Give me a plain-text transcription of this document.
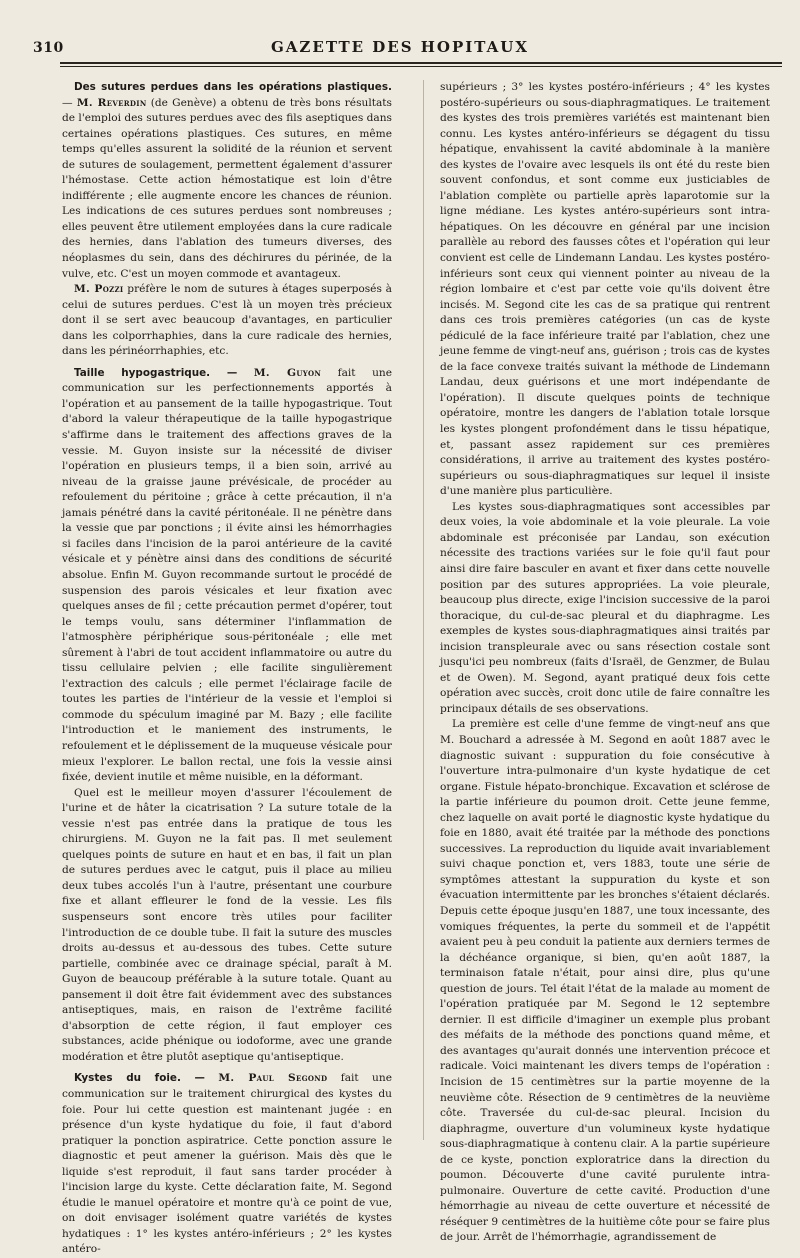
310	GAZETTE DES HOPITAUX

Des sutures perdues dans les opérations plastiques. — M. Reverdin (de Genève) a obtenu de très bons résultats de l'emploi des sutures perdues avec des fils aseptiques dans certaines opérations plastiques. Ces sutures, en même temps qu'elles assurent la solidité de la réunion et servent de sutures de soulagement, permettent également d'assurer l'hémostase. Cette action hémostatique est loin d'être indifférente ; elle augmente encore les chances de réunion. Les indications de ces sutures perdues sont nombreuses ; elles peuvent être utilement employées dans la cure radicale des hernies, dans l'ablation des tumeurs diverses, des néoplasmes du sein, dans des déchirures du périnée, de la vulve, etc. C'est un moyen commode et avantageux.

M. Pozzi préfère le nom de sutures à étages superposés à celui de sutures perdues. C'est là un moyen très précieux dont il se sert avec beaucoup d'avantages, en particulier dans les colporrhaphies, dans la cure radicale des hernies, dans les périnéorrhaphies, etc.

Taille hypogastrique. — M. Guyon fait une communication sur les perfectionnements apportés à l'opération et au pansement de la taille hypogastrique. Tout d'abord la valeur thérapeutique de la taille hypogastrique s'affirme dans le traitement des affections graves de la vessie. M. Guyon insiste sur la nécessité de diviser l'opération en plusieurs temps, il a bien soin, arrivé au niveau de la graisse jaune prévésicale, de procéder au refoulement du péritoine ; grâce à cette précaution, il n'a jamais pénétré dans la cavité péritonéale. Il ne pénètre dans la vessie que par ponctions ; il évite ainsi les hémorrhagies si faciles dans l'incision de la paroi antérieure de la cavité vésicale et y pénètre ainsi dans des conditions de sécurité absolue. Enfin M. Guyon recommande surtout le procédé de suspension des parois vésicales et leur fixation avec quelques anses de fil ; cette précaution permet d'opérer, tout le temps voulu, sans déterminer l'inflammation de l'atmosphère périphérique sous-péritonéale ; elle met sûrement à l'abri de tout accident inflammatoire ou autre du tissu cellulaire pelvien ; elle facilite singulièrement l'extraction des calculs ; elle permet l'éclairage facile de toutes les parties de l'intérieur de la vessie et l'emploi si commode du spéculum imaginé par M. Bazy ; elle facilite l'introduction et le maniement des instruments, le refoulement et le déplissement de la muqueuse vésicale pour mieux l'explorer. Le ballon rectal, une fois la vessie ainsi fixée, devient inutile et même nuisible, en la déformant.

Quel est le meilleur moyen d'assurer l'écoulement de l'urine et de hâter la cicatrisation ? La suture totale de la vessie n'est pas entrée dans la pratique de tous les chirurgiens. M. Guyon ne la fait pas. Il met seulement quelques points de suture en haut et en bas, il fait un plan de sutures perdues avec le catgut, puis il place au milieu deux tubes accolés l'un à l'autre, présentant une courbure fixe et allant effleurer le fond de la vessie. Les fils suspenseurs sont encore très utiles pour faciliter l'introduction de ce double tube. Il fait la suture des muscles droits au-dessus et au-dessous des tubes. Cette suture partielle, combinée avec ce drainage spécial, paraît à M. Guyon de beaucoup préférable à la suture totale. Quant au pansement il doit être fait évidemment avec des substances antiseptiques, mais, en raison de l'extrême facilité d'absorption de cette région, il faut employer ces substances, acide phénique ou iodoforme, avec une grande modération et être plutôt aseptique qu'antiseptique.

Kystes du foie. — M. Paul Segond fait une communication sur le traitement chirurgical des kystes du foie. Pour lui cette question est maintenant jugée : en présence d'un kyste hydatique du foie, il faut d'abord pratiquer la ponction aspiratrice. Cette ponction assure le diagnostic et peut amener la guérison. Mais dès que le liquide s'est reproduit, il faut sans tarder procéder à l'incision large du kyste. Cette déclaration faite, M. Segond étudie le manuel opératoire et montre qu'à ce point de vue, on doit envisager isolément quatre variétés de kystes hydatiques : 1° les kystes antéro-inférieurs ; 2° les kystes antéro-

supérieurs ; 3° les kystes postéro-inférieurs ; 4° les kystes postéro-supérieurs ou sous-diaphragmatiques. Le traitement des kystes des trois premières variétés est maintenant bien connu. Les kystes antéro-inférieurs se dégagent du tissu hépatique, envahissent la cavité abdominale à la manière des kystes de l'ovaire avec lesquels ils ont été du reste bien souvent confondus, et sont comme eux justiciables de l'ablation complète ou partielle après laparotomie sur la ligne médiane. Les kystes antéro-supérieurs sont intra-hépatiques. On les découvre en général par une incision parallèle au rebord des fausses côtes et l'opération qui leur convient est celle de Lindemann Landau. Les kystes postéro-inférieurs sont ceux qui viennent pointer au niveau de la région lombaire et c'est par cette voie qu'ils doivent être incisés. M. Segond cite les cas de sa pratique qui rentrent dans ces trois premières catégories (un cas de kyste pédiculé de la face inférieure traité par l'ablation, chez une jeune femme de vingt-neuf ans, guérison ; trois cas de kystes de la face convexe traités suivant la méthode de Lindemann Landau, deux guérisons et une mort indépendante de l'opération). Il discute quelques points de technique opératoire, montre les dangers de l'ablation totale lorsque les kystes plongent profondément dans le tissu hépatique, et, passant assez rapidement sur ces premières considérations, il arrive au traitement des kystes postéro-supérieurs ou sous-diaphragmatiques sur lequel il insiste d'une manière plus particulière.

Les kystes sous-diaphragmatiques sont accessibles par deux voies, la voie abdominale et la voie pleurale. La voie abdominale est préconisée par Landau, son exécution nécessite des tractions variées sur le foie qu'il faut pour ainsi dire faire basculer en avant et fixer dans cette nouvelle position par des sutures appropriées. La voie pleurale, beaucoup plus directe, exige l'incision successive de la paroi thoracique, du cul-de-sac pleural et du diaphragme. Les exemples de kystes sous-diaphragmatiques ainsi traités par incision transpleurale avec ou sans résection costale sont jusqu'ici peu nombreux (faits d'Israël, de Genzmer, de Bulau et de Owen). M. Segond, ayant pratiqué deux fois cette opération avec succès, croit donc utile de faire connaître les principaux détails de ses observations.

La première est celle d'une femme de vingt-neuf ans que M. Bouchard a adressée à M. Segond en août 1887 avec le diagnostic suivant : suppuration du foie consécutive à l'ouverture intra-pulmonaire d'un kyste hydatique de cet organe. Fistule hépato-bronchique. Excavation et sclérose de la partie inférieure du poumon droit. Cette jeune femme, chez laquelle on avait porté le diagnostic kyste hydatique du foie en 1880, avait été traitée par la méthode des ponctions successives. La reproduction du liquide avait invariablement suivi chaque ponction et, vers 1883, toute une série de symptômes attestant la suppuration du kyste et son évacuation intermittente par les bronches s'étaient déclarés. Depuis cette époque jusqu'en 1887, une toux incessante, des vomiques fréquentes, la perte du sommeil et de l'appétit avaient peu à peu conduit la patiente aux derniers termes de la déchéance organique, si bien, qu'en août 1887, la terminaison fatale n'était, pour ainsi dire, plus qu'une question de jours. Tel était l'état de la malade au moment de l'opération pratiquée par M. Segond le 12 septembre dernier. Il est difficile d'imaginer un exemple plus probant des méfaits de la méthode des ponctions quand même, et des avantages qu'aurait donnés une intervention précoce et radicale. Voici maintenant les divers temps de l'opération : Incision de 15 centimètres sur la partie moyenne de la neuvième côte. Résection de 9 centimètres de la neuvième côte. Traversée du cul-de-sac pleural. Incision du diaphragme, ouverture d'un volumineux kyste hydatique sous-diaphragmatique à contenu clair. A la partie supérieure de ce kyste, ponction exploratrice dans la direction du poumon. Découverte d'une cavité purulente intra-pulmonaire. Ouverture de cette cavité. Production d'une hémorrhagie au niveau de cette ouverture et nécessité de réséquer 9 centimètres de la huitième côte pour se faire plus de jour. Arrêt de l'hémorrhagie, agrandissement de
